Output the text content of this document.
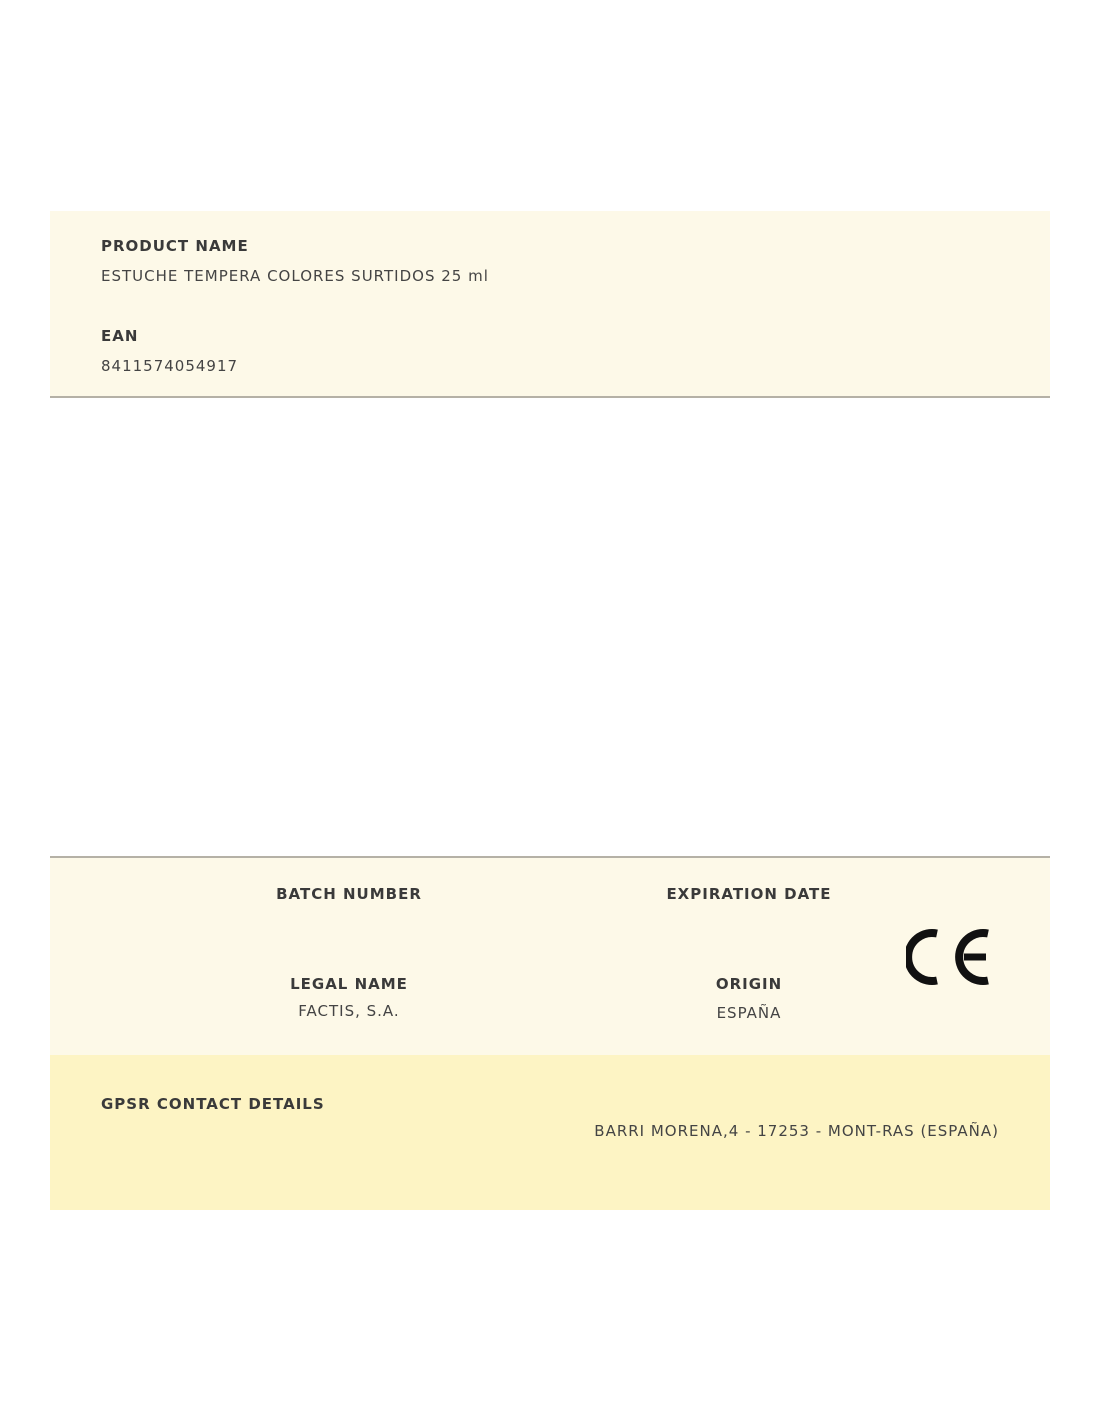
PRODUCT NAME
ESTUCHE TEMPERA COLORES SURTIDOS 25 ml
EAN
8411574054917
BATCH NUMBER	EXPIRATION DATE
LEGAL NAME
FACTIS, S.A.
ORIGIN
ESPAÑA
GPSR CONTACT DETAILS
BARRI MORENA,4 - 17253 - MONT-RAS (ESPAÑA)
